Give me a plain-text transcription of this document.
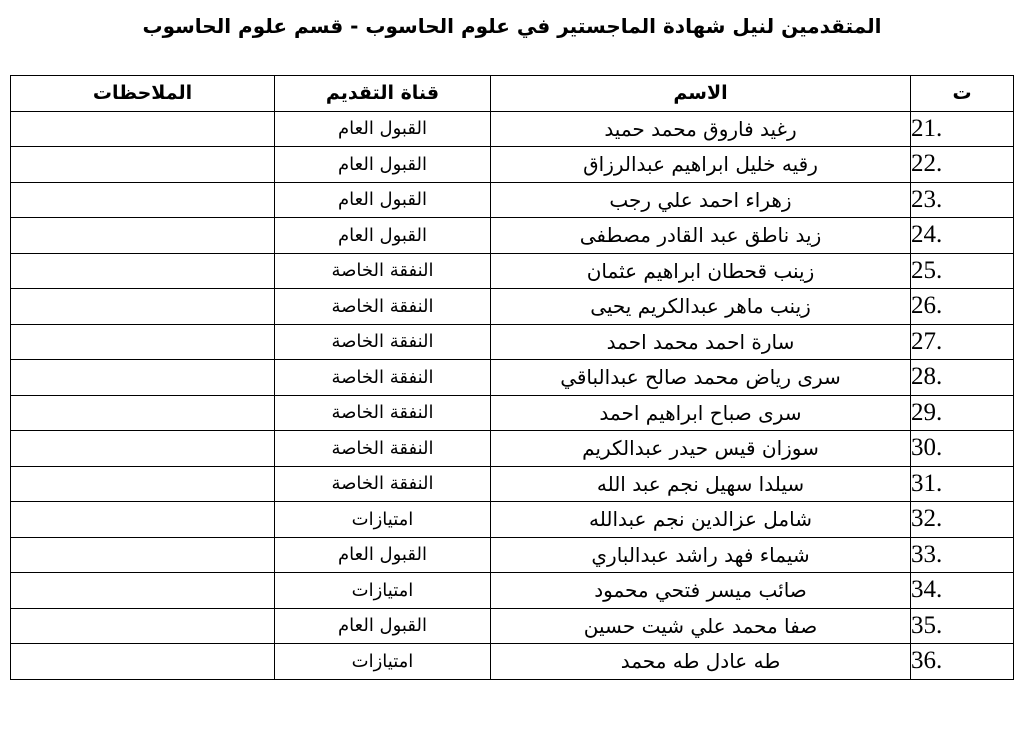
المتقدمين لنيل شهادة الماجستير في علوم الحاسوب - قسم علوم الحاسوب
ت	الاسم	قناة التقديم	الملاحظات
21.	رغيد فاروق محمد حميد	القبول العام	
22.	رقيه خليل ابراهيم عبدالرزاق	القبول العام	
23.	زهراء احمد علي رجب	القبول العام	
24.	زيد ناطق عبد القادر مصطفى	القبول العام	
25.	زينب قحطان ابراهيم عثمان	النفقة الخاصة	
26.	زينب ماهر عبدالكريم يحيى	النفقة الخاصة	
27.	سارة احمد محمد احمد	النفقة الخاصة	
28.	سرى رياض محمد صالح عبدالباقي	النفقة الخاصة	
29.	سرى صباح ابراهيم احمد	النفقة الخاصة	
30.	سوزان قيس حيدر عبدالكريم	النفقة الخاصة	
31.	سيلدا سهيل نجم عبد الله	النفقة الخاصة	
32.	شامل عزالدين نجم عبدالله	امتيازات	
33.	شيماء فهد راشد عبدالباري	القبول العام	
34.	صائب ميسر فتحي محمود	امتيازات	
35.	صفا محمد علي شيت حسين	القبول العام	
36.	طه عادل طه محمد	امتيازات	
